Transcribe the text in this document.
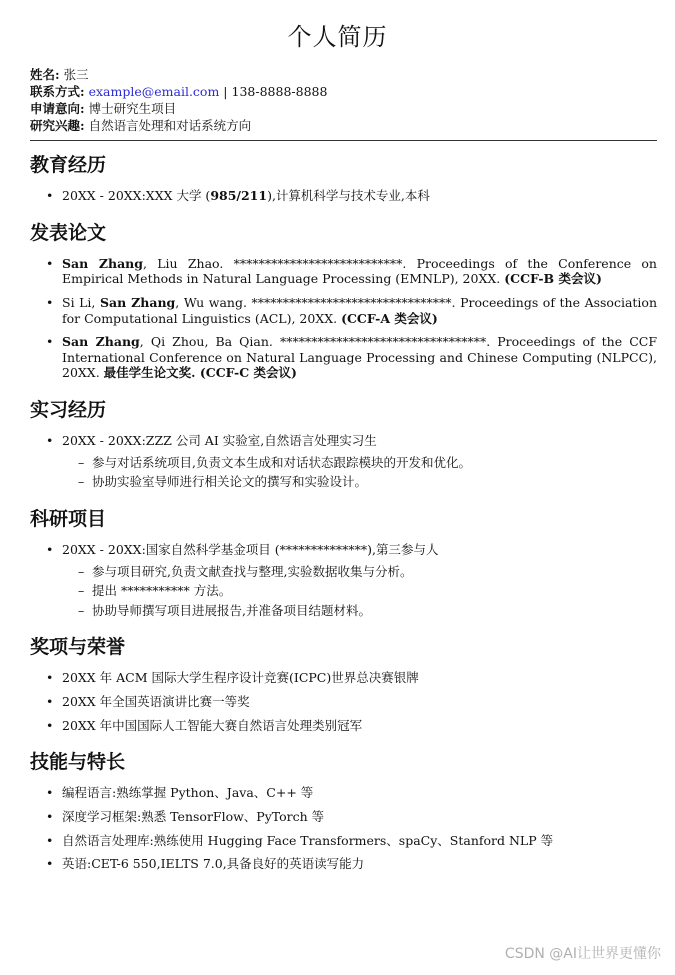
个人简历
姓名: 张三
联系方式: example@email.com | 138-8888-8888
申请意向: 博士研究生项目
研究兴趣: 自然语言处理和对话系统方向
教育经历
• 20XX - 20XX:XXX 大学 (985/211),计算机科学与技术专业,本科
发表论文
• San Zhang, Liu Zhao. ***************************. Proceedings of the Conference on Empirical Methods in Natural Language Processing (EMNLP), 20XX. (CCF-B 类会议)
• Si Li, San Zhang, Wu wang. ********************************. Proceedings of the Association for Computational Linguistics (ACL), 20XX. (CCF-A 类会议)
• San Zhang, Qi Zhou, Ba Qian. *********************************. Proceedings of the CCF International Conference on Natural Language Processing and Chinese Computing (NLPCC), 20XX. 最佳学生论文奖. (CCF-C 类会议)
实习经历
• 20XX - 20XX:ZZZ 公司 AI 实验室,自然语言处理实习生
– 参与对话系统项目,负责文本生成和对话状态跟踪模块的开发和优化。
– 协助实验室导师进行相关论文的撰写和实验设计。
科研项目
• 20XX - 20XX:国家自然科学基金项目 (**************),第三参与人
– 参与项目研究,负责文献查找与整理,实验数据收集与分析。
– 提出 *********** 方法。
– 协助导师撰写项目进展报告,并准备项目结题材料。
奖项与荣誉
• 20XX 年 ACM 国际大学生程序设计竞赛(ICPC)世界总决赛银牌
• 20XX 年全国英语演讲比赛一等奖
• 20XX 年中国国际人工智能大赛自然语言处理类别冠军
技能与特长
• 编程语言:熟练掌握 Python、Java、C++ 等
• 深度学习框架:熟悉 TensorFlow、PyTorch 等
• 自然语言处理库:熟练使用 Hugging Face Transformers、spaCy、Stanford NLP 等
• 英语:CET-6 550,IELTS 7.0,具备良好的英语读写能力
CSDN @AI让世界更懂你
